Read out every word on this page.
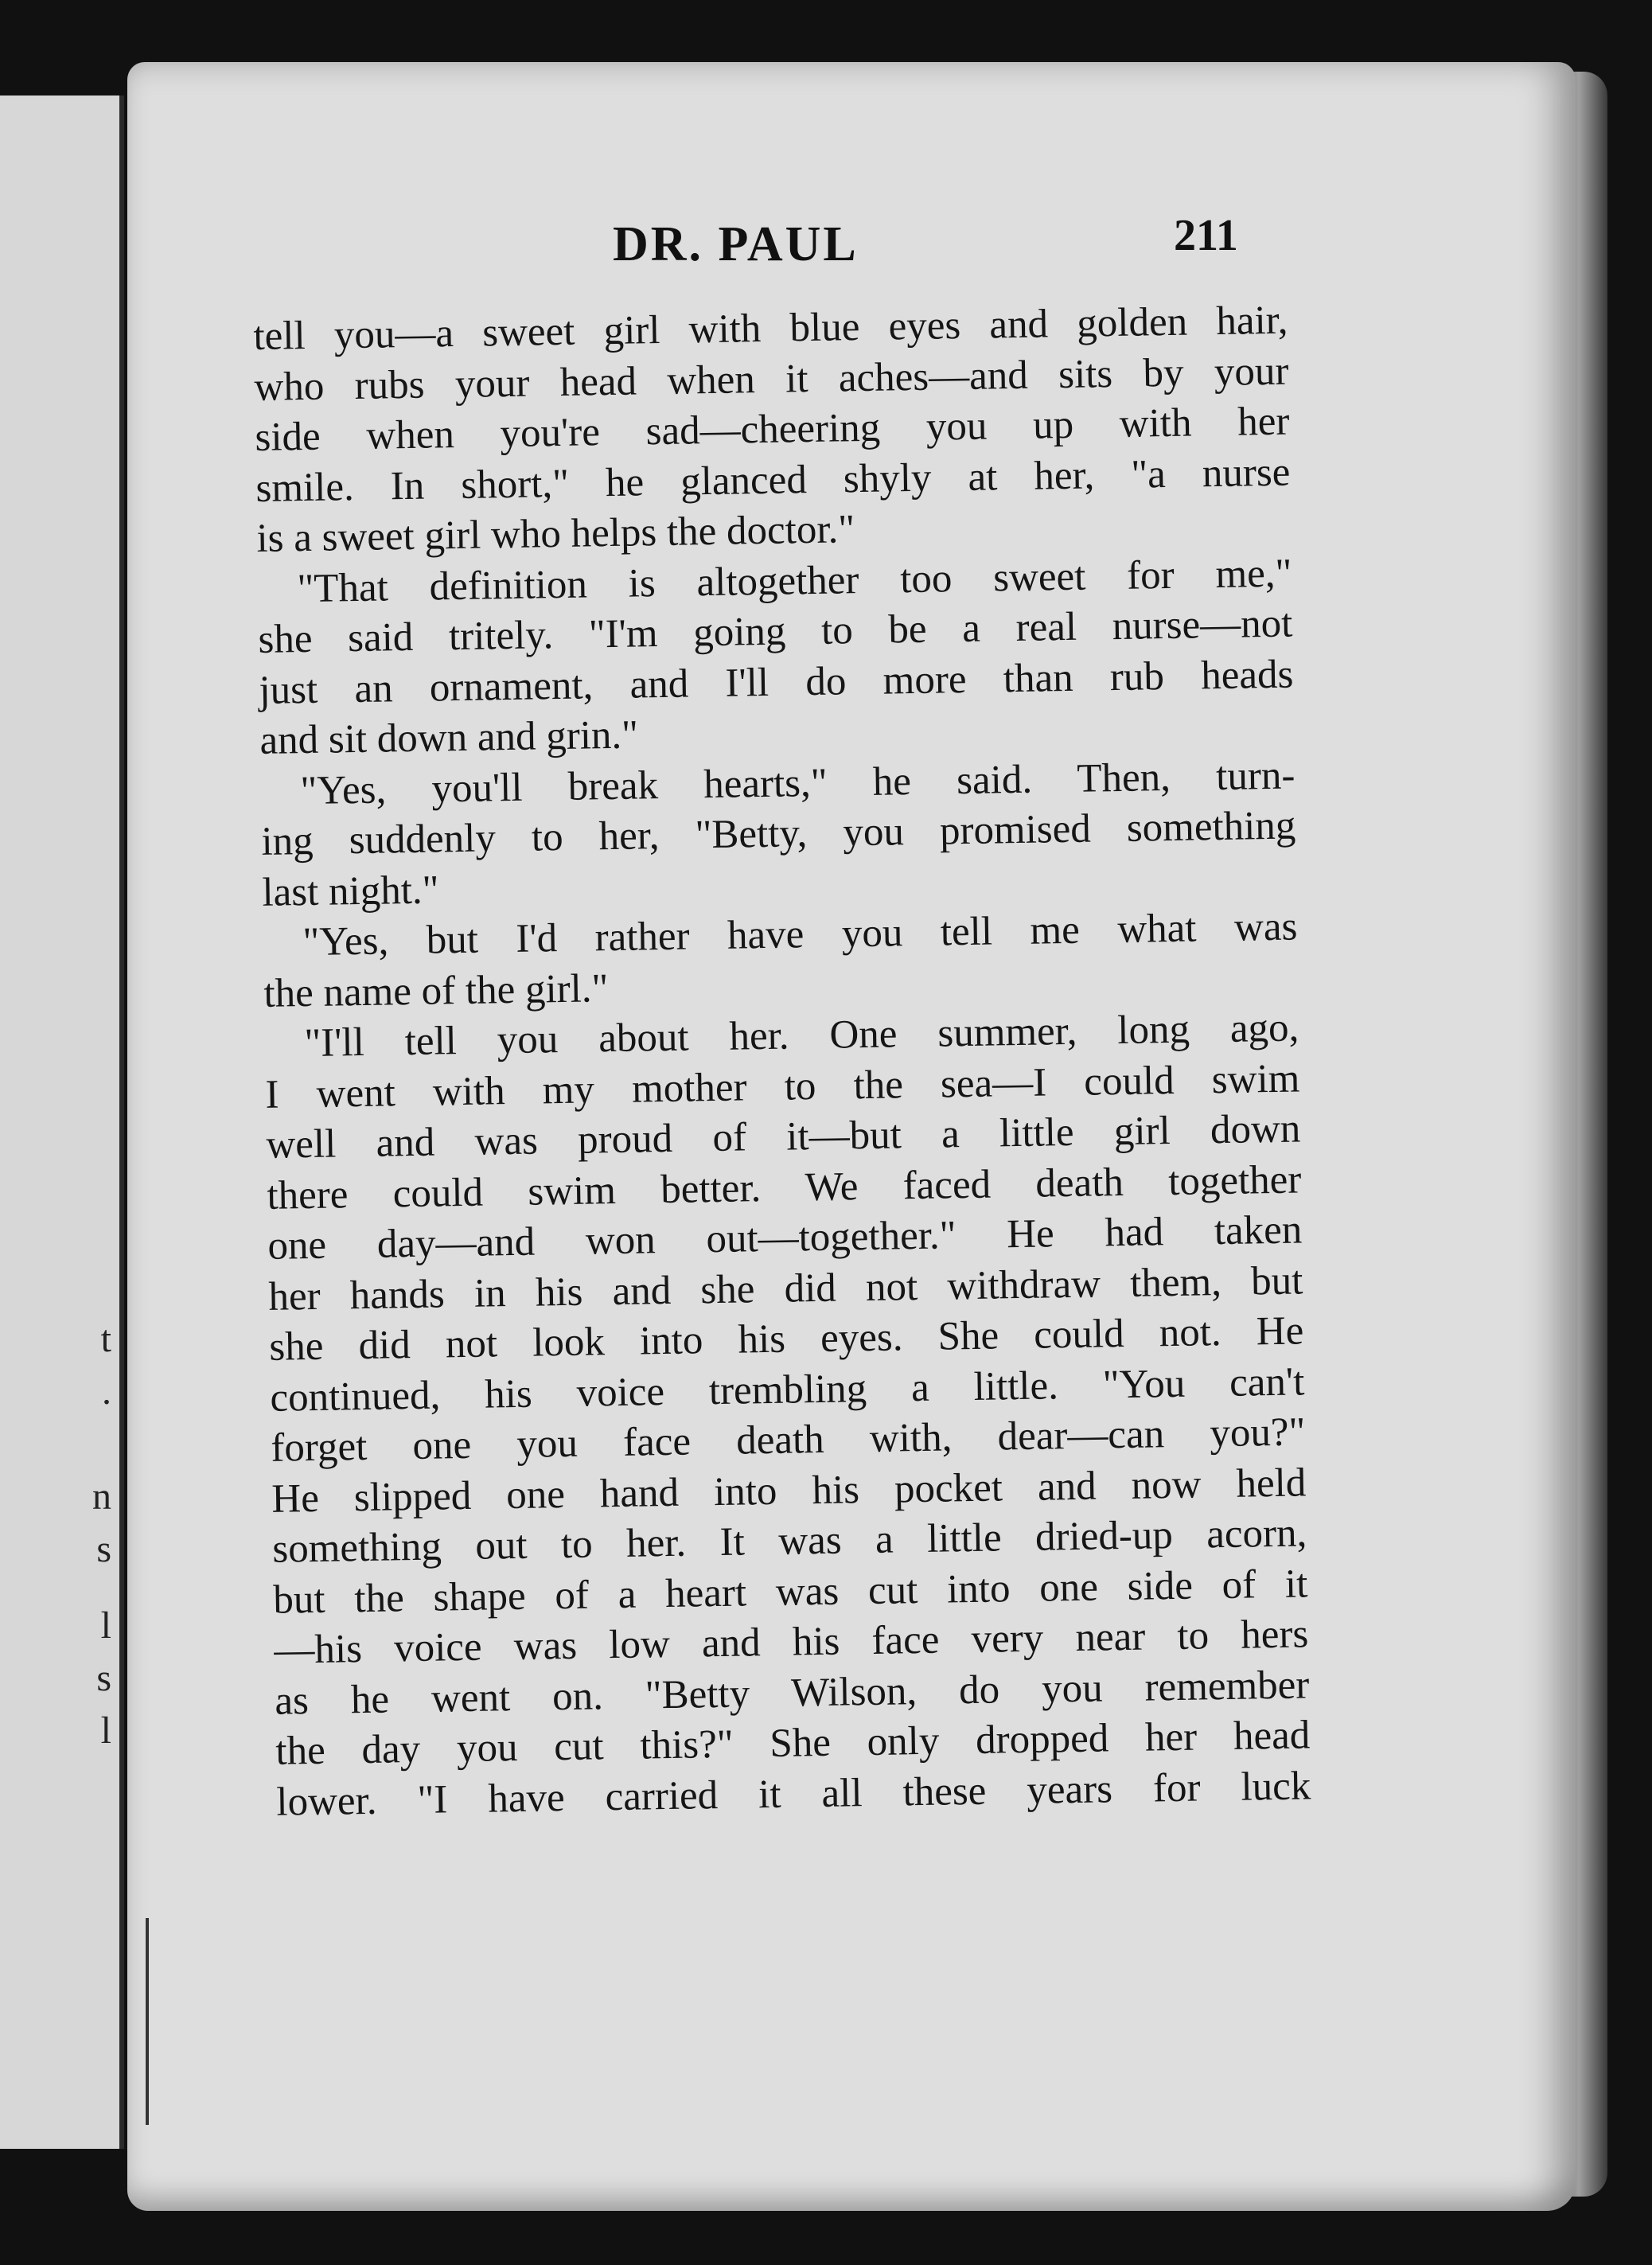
t
.
n
s
l
s
l
DR. PAUL	211
tell you—a sweet girl with blue eyes and golden hair,
who rubs your head when it aches—and sits by your
side when you're sad—cheering you up with her
smile. In short," he glanced shyly at her, "a nurse
is a sweet girl who helps the doctor."
"That definition is altogether too sweet for me,"
she said tritely. "I'm going to be a real nurse—not
just an ornament, and I'll do more than rub heads
and sit down and grin."
"Yes, you'll break hearts," he said. Then, turn-
ing suddenly to her, "Betty, you promised something
last night."
"Yes, but I'd rather have you tell me what was
the name of the girl."
"I'll tell you about her. One summer, long ago,
I went with my mother to the sea—I could swim
well and was proud of it—but a little girl down
there could swim better. We faced death together
one day—and won out—together." He had taken
her hands in his and she did not withdraw them, but
she did not look into his eyes. She could not. He
continued, his voice trembling a little. "You can't
forget one you face death with, dear—can you?"
He slipped one hand into his pocket and now held
something out to her. It was a little dried-up acorn,
but the shape of a heart was cut into one side of it
—his voice was low and his face very near to hers
as he went on. "Betty Wilson, do you remember
the day you cut this?" She only dropped her head
lower. "I have carried it all these years for luck
